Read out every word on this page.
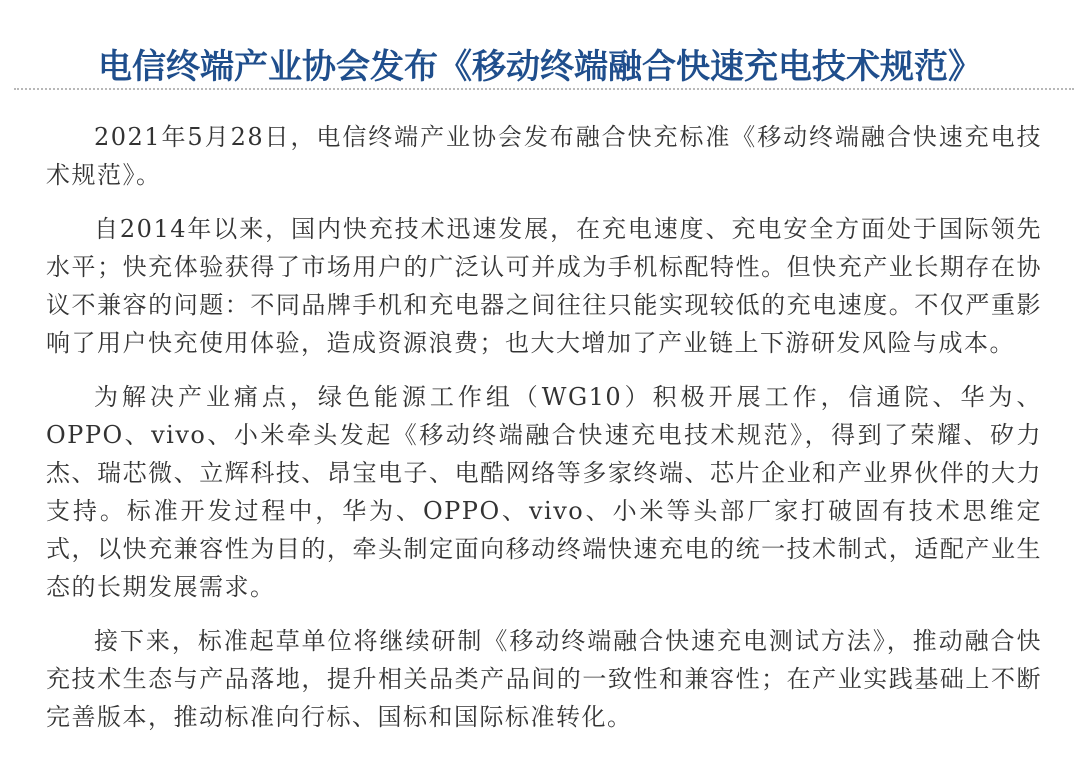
电信终端产业协会发布《移动终端融合快速充电技术规范》

2021年5月28日，电信终端产业协会发布融合快充标准《移动终端融合快速充电技术规范》。

自2014年以来，国内快充技术迅速发展，在充电速度、充电安全方面处于国际领先水平；快充体验获得了市场用户的广泛认可并成为手机标配特性。但快充产业长期存在协议不兼容的问题：不同品牌手机和充电器之间往往只能实现较低的充电速度。不仅严重影响了用户快充使用体验，造成资源浪费；也大大增加了产业链上下游研发风险与成本。

为解决产业痛点，绿色能源工作组（WG10）积极开展工作，信通院、华为、OPPO、vivo、小米牵头发起《移动终端融合快速充电技术规范》，得到了荣耀、矽力杰、瑞芯微、立辉科技、昂宝电子、电酷网络等多家终端、芯片企业和产业界伙伴的大力支持。标准开发过程中，华为、OPPO、vivo、小米等头部厂家打破固有技术思维定式，以快充兼容性为目的，牵头制定面向移动终端快速充电的统一技术制式，适配产业生态的长期发展需求。

接下来，标准起草单位将继续研制《移动终端融合快速充电测试方法》，推动融合快充技术生态与产品落地，提升相关品类产品间的一致性和兼容性；在产业实践基础上不断完善版本，推动标准向行标、国标和国际标准转化。
